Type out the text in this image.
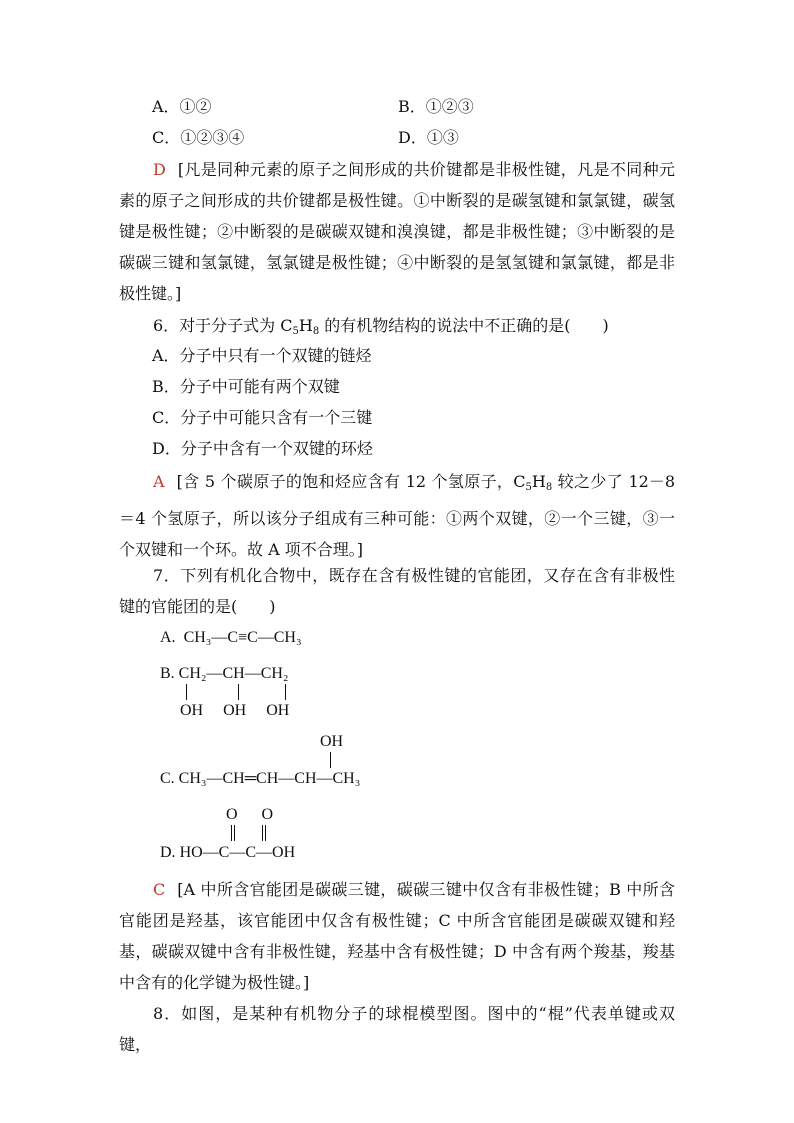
A．①②	B．①②③
C．①②③④	D．①③
D [凡是同种元素的原子之间形成的共价键都是非极性键，凡是不同种元素的原子之间形成的共价键都是极性键。①中断裂的是碳氢键和氯氯键，碳氢键是极性键；②中断裂的是碳碳双键和溴溴键，都是非极性键；③中断裂的是碳碳三键和氢氯键，氢氯键是极性键；④中断裂的是氢氢键和氯氯键，都是非极性键。]
6．对于分子式为 $C_5H_8$ 的有机物结构的说法中不正确的是(　　)
A．分子中只有一个双键的链烃
B．分子中可能有两个双键
C．分子中可能只含有一个三键
D．分子中含有一个双键的环烃
A [含 5 个碳原子的饱和烃应含有 12 个氢原子，$C_5H_8$ 较之少了 12－8＝4 个氢原子，所以该分子组成有三种可能：①两个双键，②一个三键，③一个双键和一个环。故 A 项不合理。]
7．下列有机化合物中，既存在含有极性键的官能团，又存在含有非极性键的官能团的是(　　)
A. CH₃—C≡C—CH₃
B. CH₂—CH—CH₂
OH  OH  OH
OH
C. CH₃—CH═CH—CH—CH₃
O  O
D. HO—C—C—OH
C [A 中所含官能团是碳碳三键，碳碳三键中仅含有非极性键；B 中所含官能团是羟基，该官能团中仅含有极性键；C 中所含官能团是碳碳双键和羟基，碳碳双键中含有非极性键，羟基中含有极性键；D 中含有两个羧基，羧基中含有的化学键为极性键。]
8．如图，是某种有机物分子的球棍模型图。图中的“棍”代表单键或双键，
